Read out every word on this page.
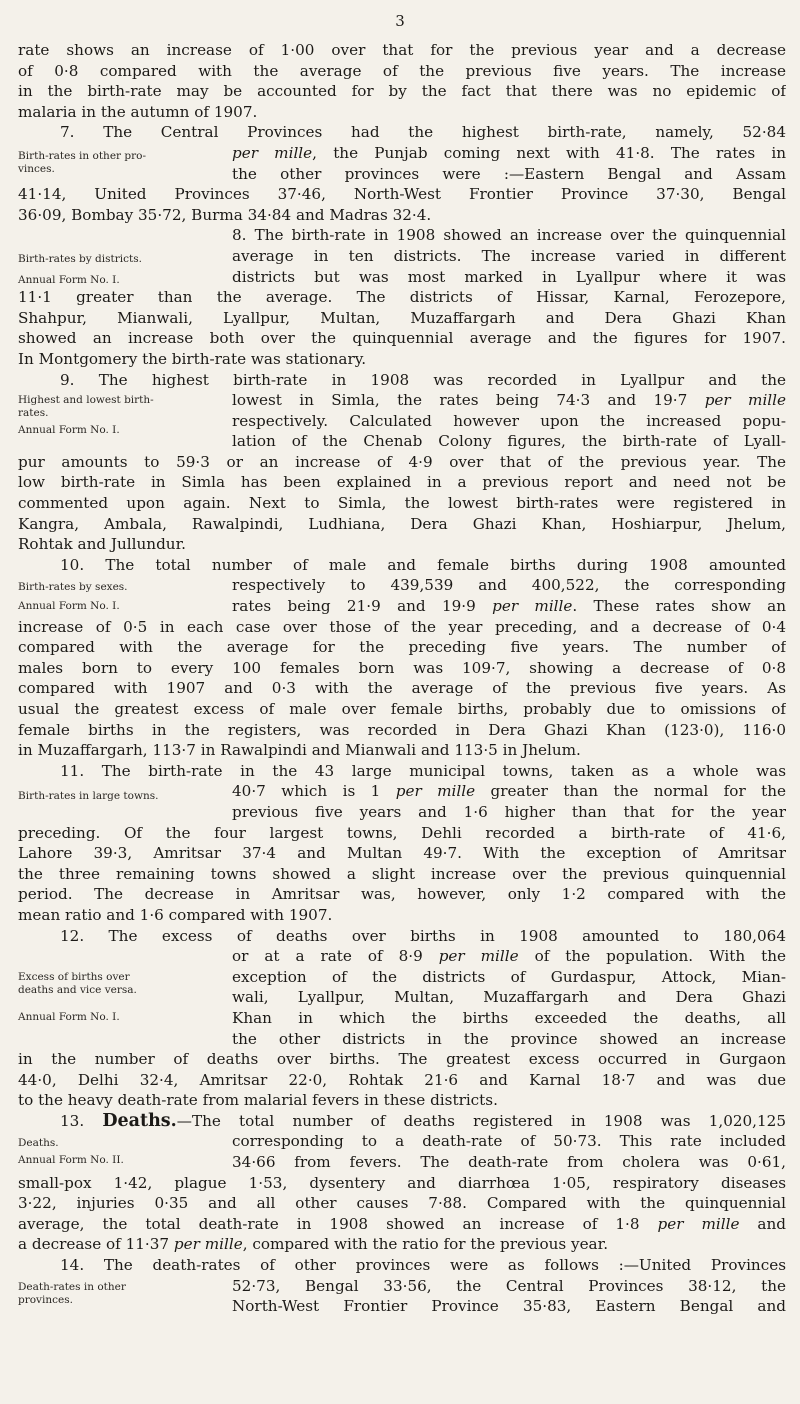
3
rate shows an increase of 1·00 over that for the previous year and a decrease
of 0·8 compared with the average of the previous five years. The increase
in the birth-rate may be accounted for by the fact that there was no epidemic of
malaria in the autumn of 1907.
Birth-rates in other pro-
vinces.
7. The Central Provinces had the highest birth-rate, namely, 52·84
per mille, the Punjab coming next with 41·8. The rates in
the other provinces were :—Eastern Bengal and Assam
41·14, United Provinces 37·46, North-West Frontier Province 37·30, Bengal
36·09, Bombay 35·72, Burma 34·84 and Madras 32·4.
Birth-rates by districts.
Annual Form No. I.
8. The birth-rate in 1908 showed an increase over the quinquennial
average in ten districts. The increase varied in different
districts but was most marked in Lyallpur where it was
11·1 greater than the average. The districts of Hissar, Karnal, Ferozepore,
Shahpur, Mianwali, Lyallpur, Multan, Muzaffargarh and Dera Ghazi Khan
showed an increase both over the quinquennial average and the figures for 1907.
In Montgomery the birth-rate was stationary.
Highest and lowest birth-
rates.
Annual Form No. I.
9. The highest birth-rate in 1908 was recorded in Lyallpur and the
lowest in Simla, the rates being 74·3 and 19·7 per mille
respectively. Calculated however upon the increased popu-
lation of the Chenab Colony figures, the birth-rate of Lyall-
pur amounts to 59·3 or an increase of 4·9 over that of the previous year. The
low birth-rate in Simla has been explained in a previous report and need not be
commented upon again. Next to Simla, the lowest birth-rates were registered in
Kangra, Ambala, Rawalpindi, Ludhiana, Dera Ghazi Khan, Hoshiarpur, Jhelum,
Rohtak and Jullundur.
Birth-rates by sexes.
Annual Form No. I.
10. The total number of male and female births during 1908 amounted
respectively to 439,539 and 400,522, the corresponding
rates being 21·9 and 19·9 per mille. These rates show an
increase of 0·5 in each case over those of the year preceding, and a decrease of 0·4
compared with the average for the preceding five years. The number of
males born to every 100 females born was 109·7, showing a decrease of 0·8
compared with 1907 and 0·3 with the average of the previous five years. As
usual the greatest excess of male over female births, probably due to omissions of
female births in the registers, was recorded in Dera Ghazi Khan (123·0), 116·0
in Muzaffargarh, 113·7 in Rawalpindi and Mianwali and 113·5 in Jhelum.
Birth-rates in large towns.
11. The birth-rate in the 43 large municipal towns, taken as a whole was
40·7 which is 1 per mille greater than the normal for the
previous five years and 1·6 higher than that for the year
preceding. Of the four largest towns, Dehli recorded a birth-rate of 41·6,
Lahore 39·3, Amritsar 37·4 and Multan 49·7. With the exception of Amritsar
the three remaining towns showed a slight increase over the previous quinquennial
period. The decrease in Amritsar was, however, only 1·2 compared with the
mean ratio and 1·6 compared with 1907.
Excess of births over
deaths and vice versa.
Annual Form No. I.
12. The excess of deaths over births in 1908 amounted to 180,064
or at a rate of 8·9 per mille of the population. With the
exception of the districts of Gurdaspur, Attock, Mian-
wali, Lyallpur, Multan, Muzaffargarh and Dera Ghazi
Khan in which the births exceeded the deaths, all
the other districts in the province showed an increase
in the number of deaths over births. The greatest excess occurred in Gurgaon
44·0, Delhi 32·4, Amritsar 22·0, Rohtak 21·6 and Karnal 18·7 and was due
to the heavy death-rate from malarial fevers in these districts.
Deaths.
Annual Form No. II.
13. Deaths.—The total number of deaths registered in 1908 was 1,020,125
corresponding to a death-rate of 50·73. This rate included
34·66 from fevers. The death-rate from cholera was 0·61,
small-pox 1·42, plague 1·53, dysentery and diarrhœa 1·05, respiratory diseases
3·22, injuries 0·35 and all other causes 7·88. Compared with the quinquennial
average, the total death-rate in 1908 showed an increase of 1·8 per mille and
a decrease of 11·37 per mille, compared with the ratio for the previous year.
Death-rates in other
provinces.
14. The death-rates of other provinces were as follows :—United Provinces
52·73, Bengal 33·56, the Central Provinces 38·12, the
North-West Frontier Province 35·83, Eastern Bengal and
